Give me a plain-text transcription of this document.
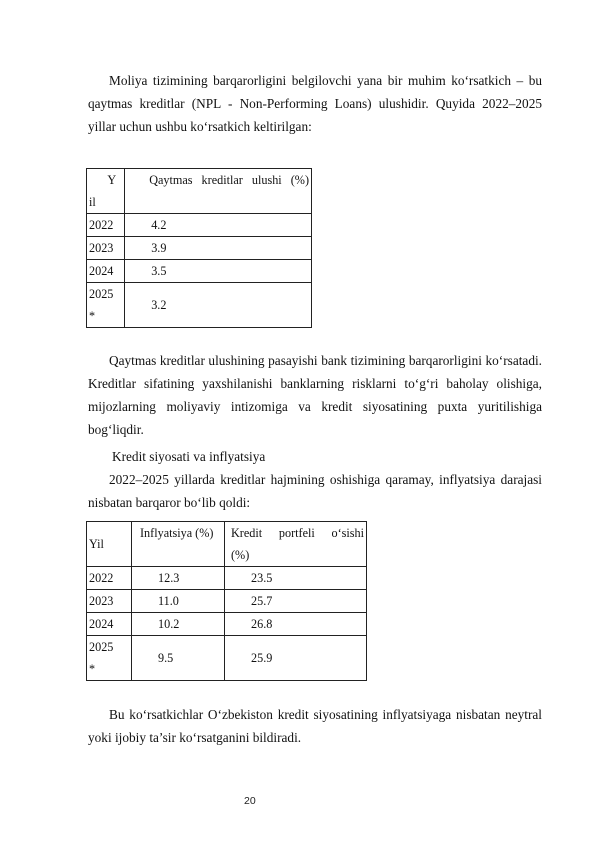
Moliya tizimining barqarorligini belgilovchi yana bir muhim ko‘rsatkich – bu qaytmas kreditlar (NPL - Non-Performing Loans) ulushidir. Quyida 2022–2025 yillar uchun ushbu ko‘rsatkich keltirilgan:

Y
il	Qaytmas kreditlar ulushi (%)

2022	4.2
2023	3.9
2024	3.5

2025
*	3.2

Qaytmas kreditlar ulushining pasayishi bank tizimining barqarorligini ko‘rsatadi. Kreditlar sifatining yaxshilanishi banklarning risklarni to‘g‘ri baholay olishiga, mijozlarning moliyaviy intizomiga va kredit siyosatining puxta yuritilishiga bog‘liqdir.

Kredit siyosati va inflyatsiya

2022–2025 yillarda kreditlar hajmining oshishiga qaramay, inflyatsiya darajasi nisbatan barqaror bo‘lib qoldi:

Yil	Inflyatsiya (%)	Kredit portfeli o‘sishi (%)

2022	12.3	23.5
2023	11.0	25.7
2024	10.2	26.8

2025
*	9.5	25.9

Bu ko‘rsatkichlar O‘zbekiston kredit siyosatining inflyatsiyaga nisbatan neytral yoki ijobiy ta’sir ko‘rsatganini bildiradi.

20
